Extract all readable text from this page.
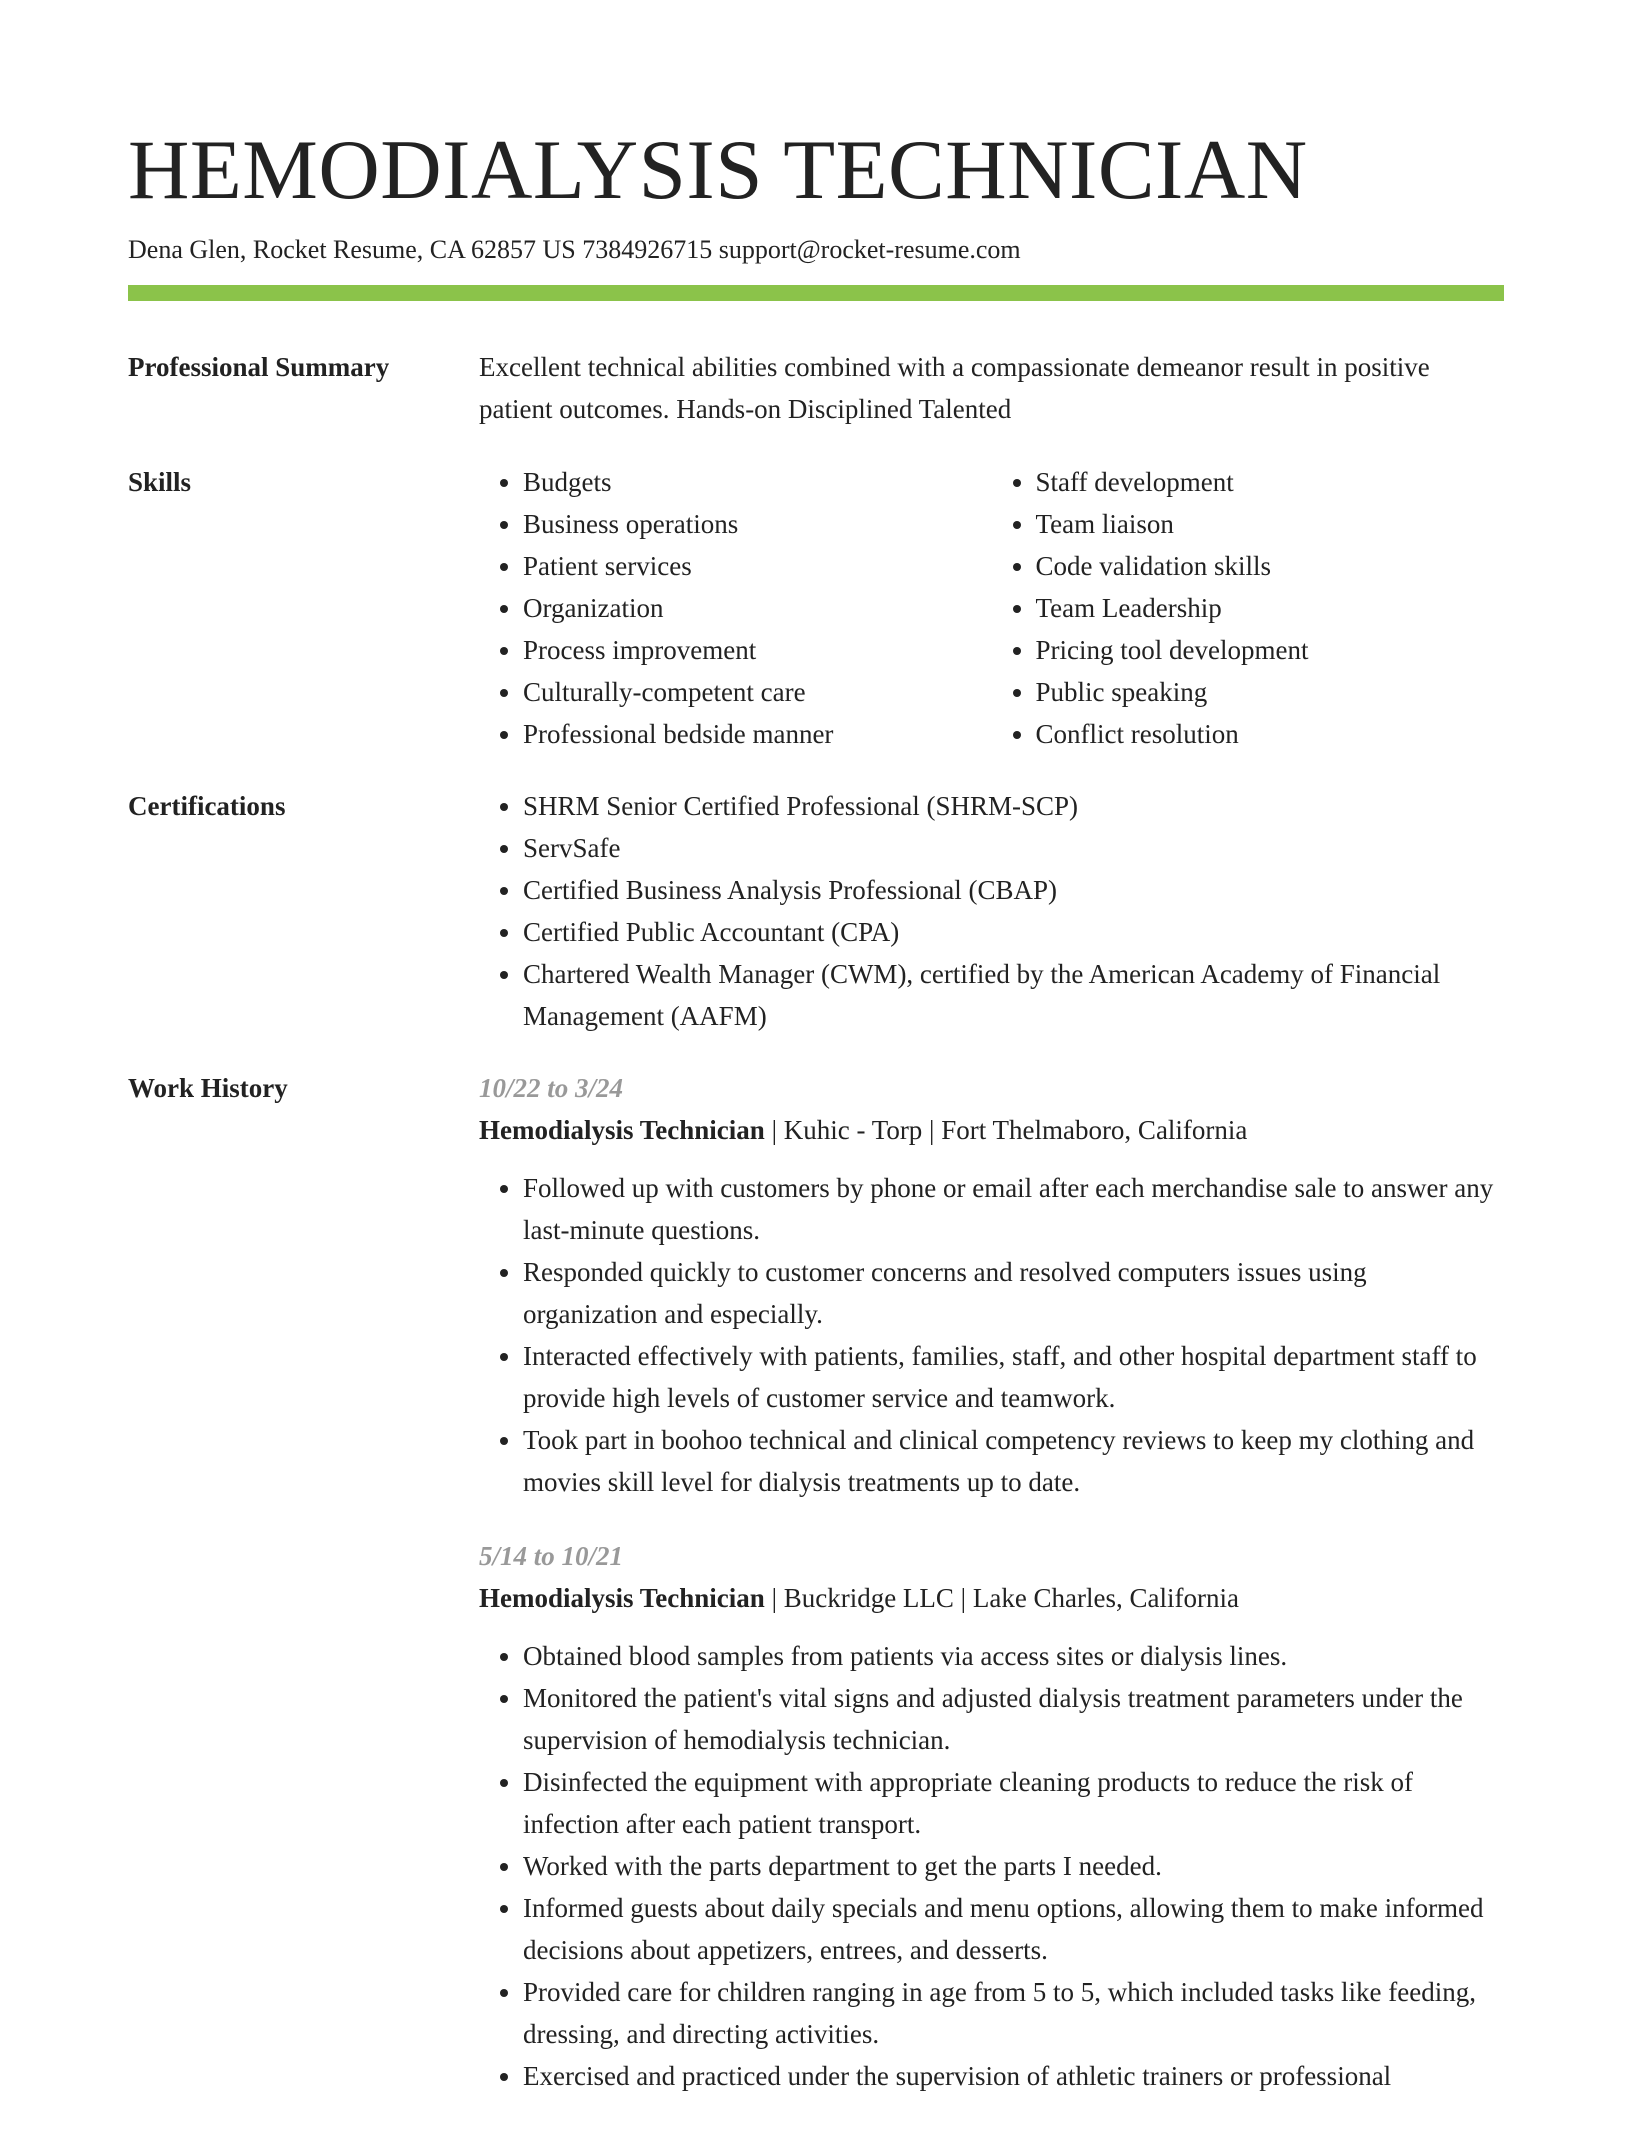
HEMODIALYSIS TECHNICIAN
Dena Glen, Rocket Resume, CA 62857 US 7384926715 support@rocket-resume.com
Professional Summary	Excellent technical abilities combined with a compassionate demeanor result in positive patient outcomes. Hands-on Disciplined Talented
Skills	• Budgets
• Business operations
• Patient services
• Organization
• Process improvement
• Culturally-competent care
• Professional bedside manner
• Staff development
• Team liaison
• Code validation skills
• Team Leadership
• Pricing tool development
• Public speaking
• Conflict resolution
Certifications	• SHRM Senior Certified Professional (SHRM-SCP)
• ServSafe
• Certified Business Analysis Professional (CBAP)
• Certified Public Accountant (CPA)
• Chartered Wealth Manager (CWM), certified by the American Academy of Financial Management (AAFM)
Work History	10/22 to 3/24
Hemodialysis Technician | Kuhic - Torp | Fort Thelmaboro, California
• Followed up with customers by phone or email after each merchandise sale to answer any last-minute questions.
• Responded quickly to customer concerns and resolved computers issues using organization and especially.
• Interacted effectively with patients, families, staff, and other hospital department staff to provide high levels of customer service and teamwork.
• Took part in boohoo technical and clinical competency reviews to keep my clothing and movies skill level for dialysis treatments up to date.
5/14 to 10/21
Hemodialysis Technician | Buckridge LLC | Lake Charles, California
• Obtained blood samples from patients via access sites or dialysis lines.
• Monitored the patient's vital signs and adjusted dialysis treatment parameters under the supervision of hemodialysis technician.
• Disinfected the equipment with appropriate cleaning products to reduce the risk of infection after each patient transport.
• Worked with the parts department to get the parts I needed.
• Informed guests about daily specials and menu options, allowing them to make informed decisions about appetizers, entrees, and desserts.
• Provided care for children ranging in age from 5 to 5, which included tasks like feeding, dressing, and directing activities.
• Exercised and practiced under the supervision of athletic trainers or professional
